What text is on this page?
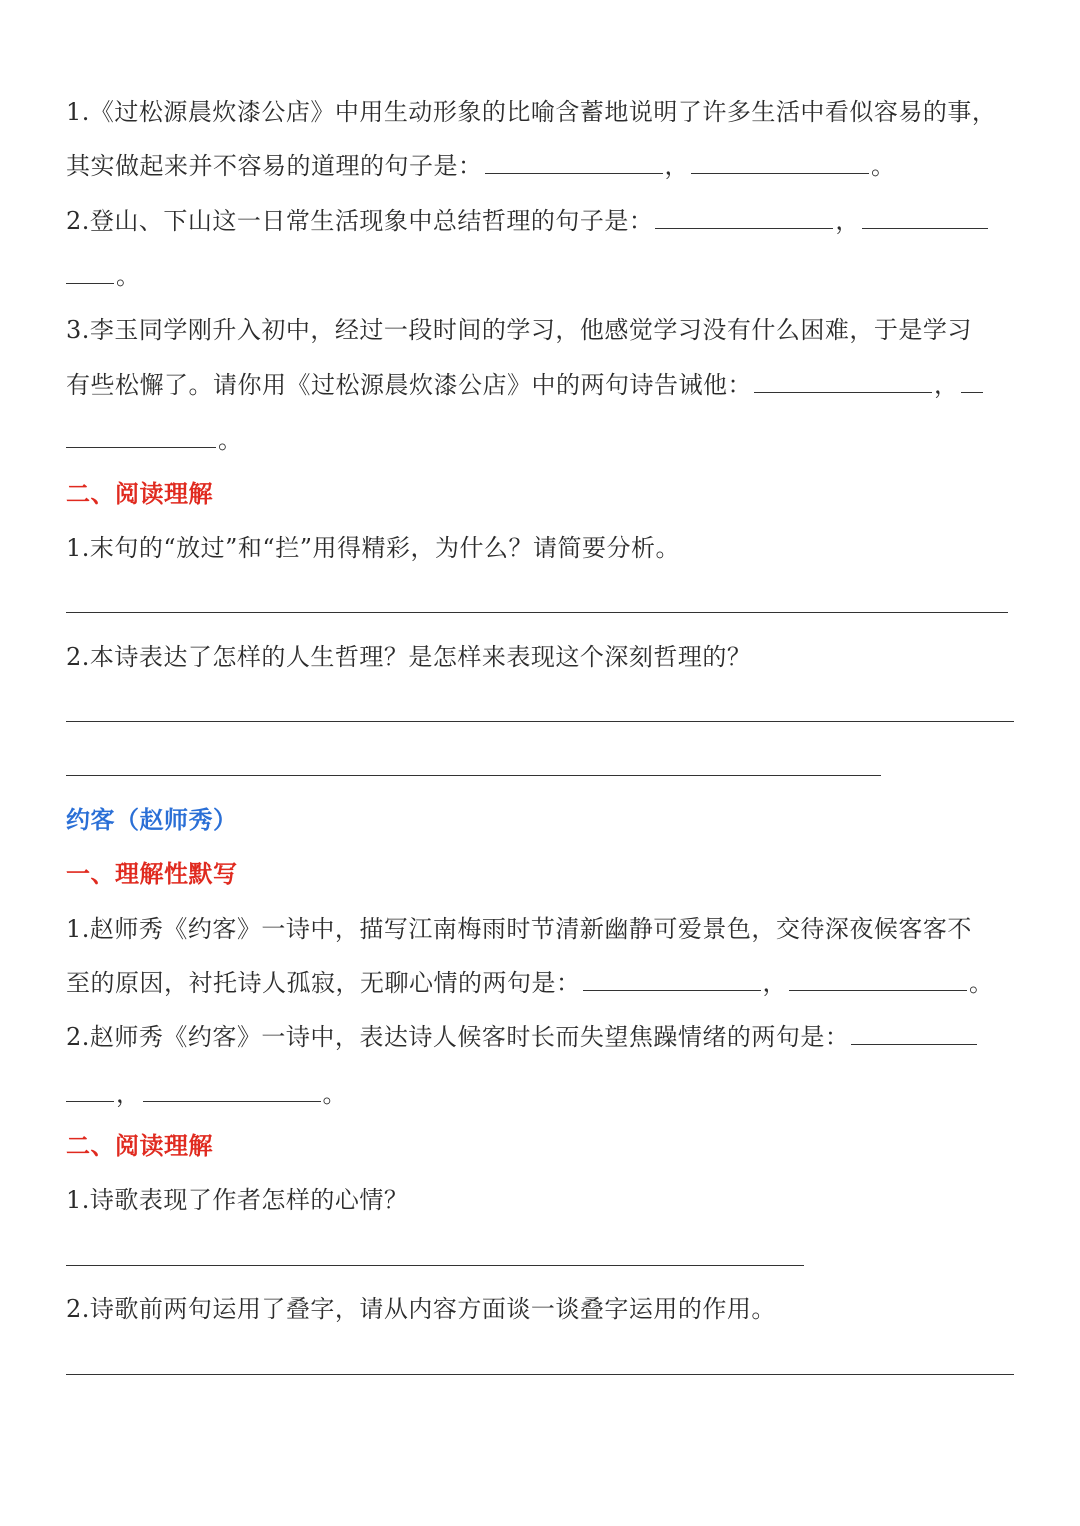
1.《过松源晨炊漆公店》中用生动形象的比喻含蓄地说明了许多生活中看似容易的事，
其实做起来并不容易的道理的句子是：	，	。
2.登山、下山这一日常生活现象中总结哲理的句子是：	，
。
3.李玉同学刚升入初中，经过一段时间的学习，他感觉学习没有什么困难，于是学习
有些松懈了。请你用《过松源晨炊漆公店》中的两句诗告诫他：	，
。
二、阅读理解
1.末句的“放过”和“拦”用得精彩，为什么？请简要分析。
2.本诗表达了怎样的人生哲理？是怎样来表现这个深刻哲理的？
约客（赵师秀）
一、理解性默写
1.赵师秀《约客》一诗中，描写江南梅雨时节清新幽静可爱景色，交待深夜候客客不
至的原因，衬托诗人孤寂，无聊心情的两句是：	，	。
2.赵师秀《约客》一诗中，表达诗人候客时长而失望焦躁情绪的两句是：
，	。
二、阅读理解
1.诗歌表现了作者怎样的心情？
2.诗歌前两句运用了叠字，请从内容方面谈一谈叠字运用的作用。
